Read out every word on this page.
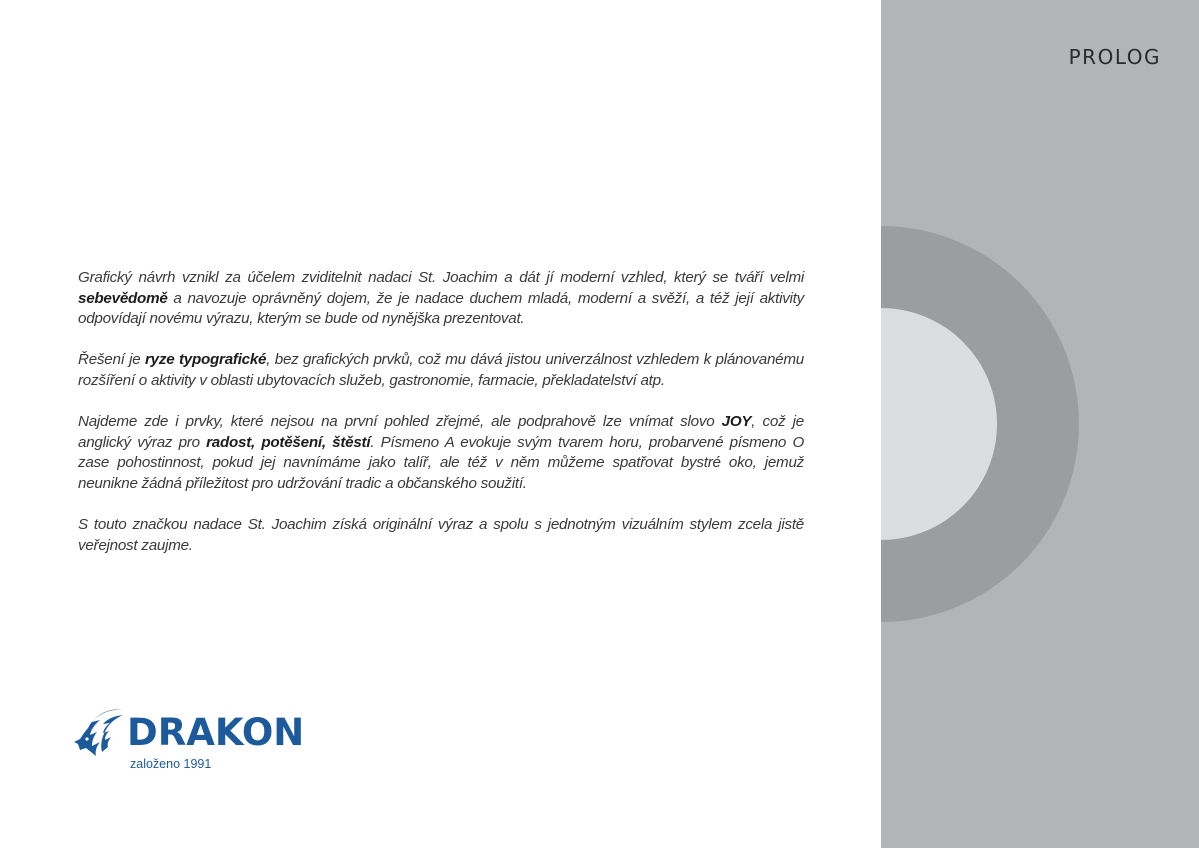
PROLOG

Grafický návrh vznikl za účelem zviditelnit nadaci St. Joachim a dát jí moderní vzhled, který se tváří velmi sebevědomě a navozuje oprávněný dojem, že je nadace duchem mladá, moderní a svěží, a též její aktivity odpovídají novému výrazu, kterým se bude od nynějška prezentovat.

Řešení je ryze typografické, bez grafických prvků, což mu dává jistou univerzálnost vzhledem k plánovanému rozšíření o aktivity v oblasti ubytovacích služeb, gastronomie, farmacie, překladatelství atp.

Najdeme zde i prvky, které nejsou na první pohled zřejmé, ale podprahově lze vnímat slovo JOY, což je anglický výraz pro radost, potěšení, štěstí. Písmeno A evokuje svým tvarem horu, probarvené písmeno O zase pohostinnost, pokud jej navnímáme jako talíř, ale též v něm můžeme spatřovat bystré oko, jemuž neunikne žádná příležitost pro udržování tradic a občanského soužití.

S touto značkou nadace St. Joachim získá originální výraz a spolu s jednotným vizuálním stylem zcela jistě veřejnost zaujme.

DRAKON
založeno 1991
